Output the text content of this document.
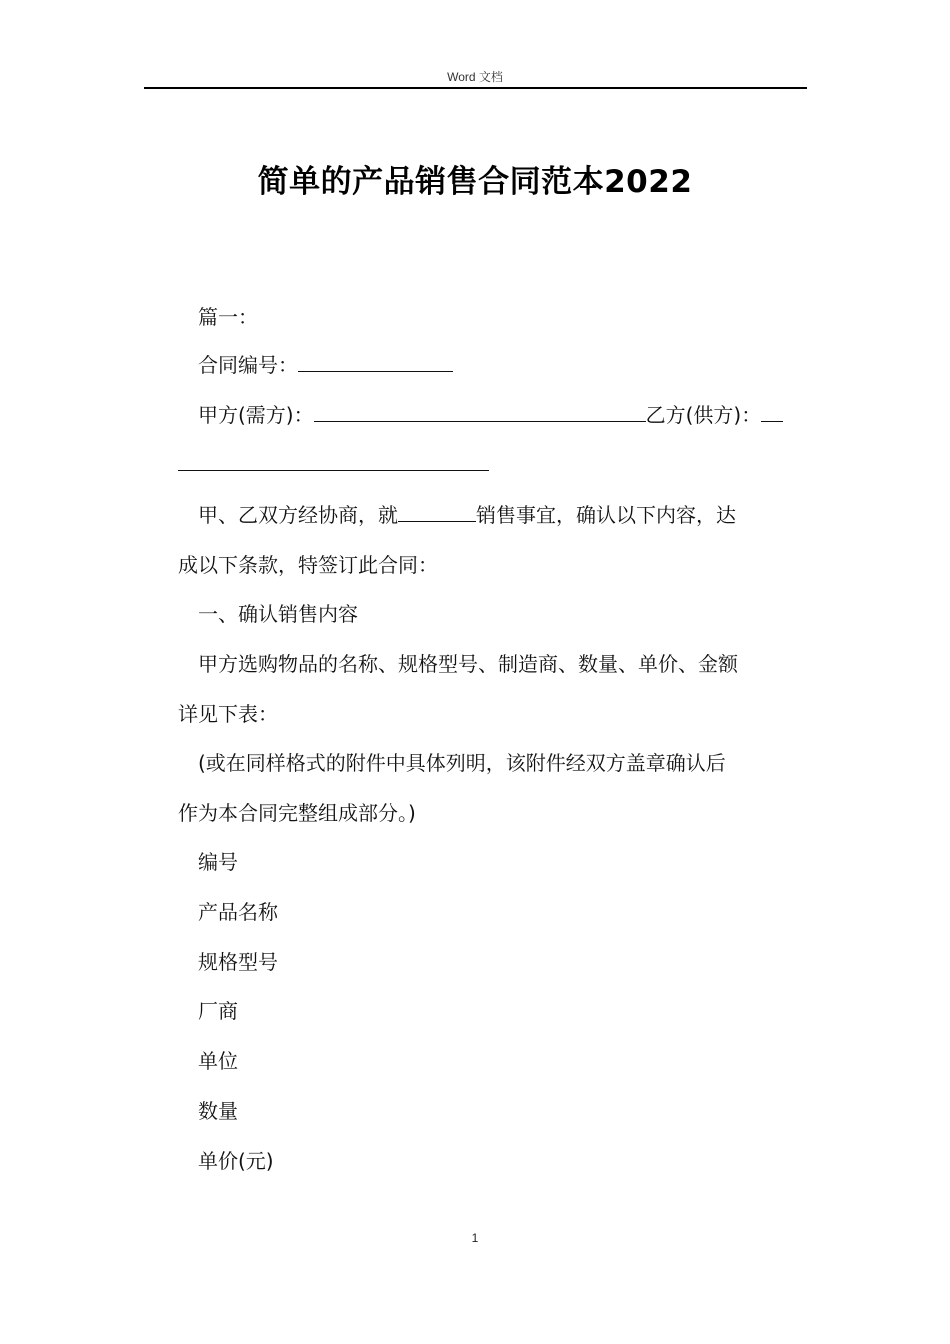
Word 文档
简单的产品销售合同范本2022
篇一：
合同编号：
甲方(需方)：	乙方(供方)：
甲、乙双方经协商，就	销售事宜，确认以下内容，达
成以下条款，特签订此合同：
一、确认销售内容
甲方选购物品的名称、规格型号、制造商、数量、单价、金额
详见下表：
(或在同样格式的附件中具体列明，该附件经双方盖章确认后
作为本合同完整组成部分。)
编号
产品名称
规格型号
厂商
单位
数量
单价(元)
1
